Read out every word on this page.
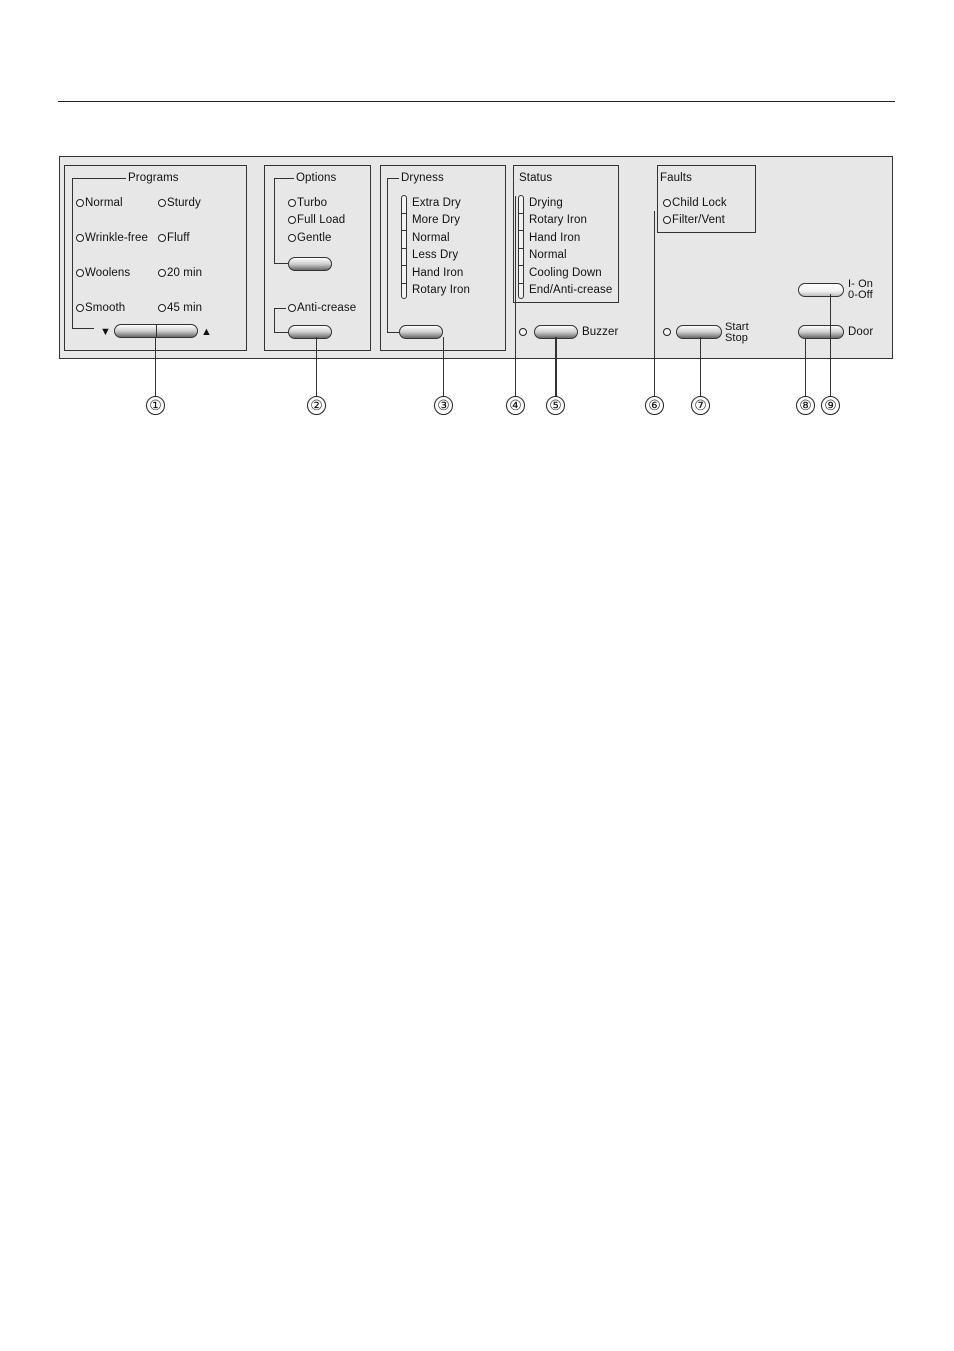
Programs
Normal	Sturdy
Wrinkle-free Fluff
Woolens	20 min
Smooth	45 min
▼	▲
Options
Turbo
Full Load
Gentle
Anti-crease
Dryness
Extra Dry
More Dry
Normal
Less Dry
Hand Iron
Rotary Iron
Status
Drying
Rotary Iron
Hand Iron
Normal
Cooling Down
End/Anti-crease
Buzzer
Faults
Child Lock
Filter/Vent
Start
Stop
I- On
0-Off
Door
①	②	③	④ ⑤	⑥ ⑦	⑧ ⑨
